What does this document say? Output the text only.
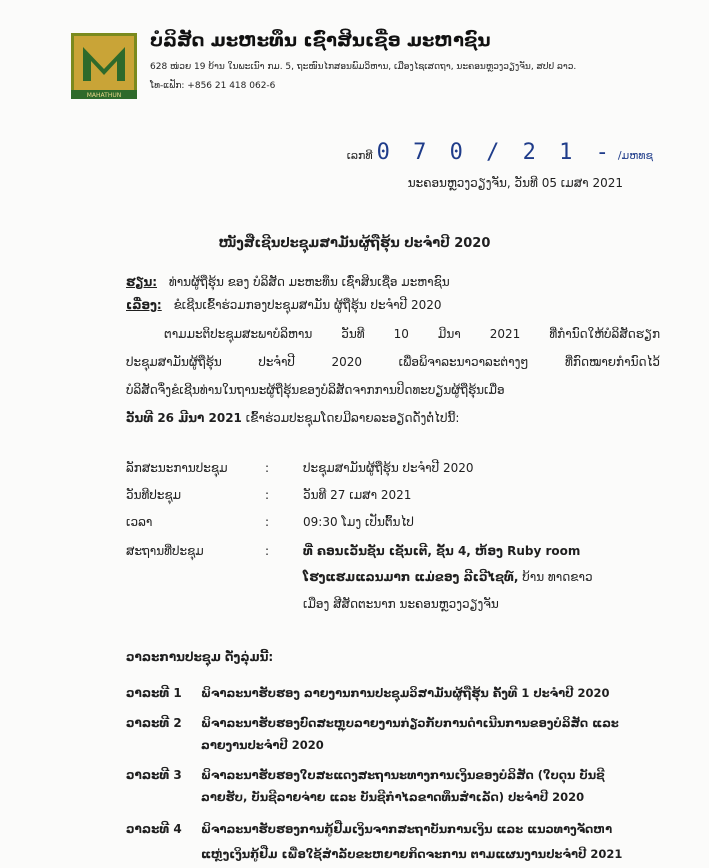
MAHATHUN
ບໍລິສັດ ມະຫະທຶນ ເຊົ່າສິນເຊື່ອ ມະຫາຊົນ
628 ໜ່ວຍ 19 ບ້ານ ໃນພະເນົາ ກມ. 5, ຖະໜົນໄກສອນພົມວິຫານ, ເມືອງໄຊເສດຖາ, ນະຄອນຫຼວງວຽງຈັນ, ສປປ ລາວ.
ໂທ-ແຟັກ: +856 21 418 062-6
ເລກທີ 0 7 0 / 2 1 - /ມຫທຊ
ນະຄອນຫຼວງວຽງຈັນ, ວັນທີ 05 ເມສາ 2021
ໜັງສືເຊີນປະຊຸມສາມັນຜູ້ຖືຮຸ້ນ ປະຈຳປີ 2020
ຮຽນ: ທ່ານຜູ້ຖືຮຸ້ນ ຂອງ ບໍລິສັດ ມະຫະທຶນ ເຊົ່າສິນເຊື່ອ ມະຫາຊົນ
ເລື່ອງ: ຂໍເຊີນເຂົ້າຮ່ວມກອງປະຊຸມສາມັນ ຜູ້ຖືຮຸ້ນ ປະຈຳປີ 2020
ຕາມມະຕິປະຊຸມສະພາບໍລິຫານ ວັນທີ 10 ມີນາ 2021 ທີ່ກຳນົດໃຫ້ບໍລິສັດຮຽກ
ປະຊຸມສາມັນຜູ້ຖືຮຸ້ນ ປະຈຳປີ 2020 ເພື່ອພິຈາລະນາວາລະຕ່າງໆ ທີ່ກົດໝາຍກຳນົດໄວ້
ບໍລິສັດຈຶ່ງຂໍເຊີນທ່ານໃນຖານະຜູ້ຖືຮຸ້ນຂອງບໍລິສັດຈາກການປິດທະບຽນຜູ້ຖືຮຸ້ນເມື່ອ
ວັນທີ 26 ມີນາ 2021 ເຂົ້າຮ່ວມປະຊຸມໂດຍມີລາຍລະອຽດດັ່ງຕໍ່ໄປນີ້:
ລັກສະນະການປະຊຸມ	:	ປະຊຸມສາມັນຜູ້ຖືຮຸ້ນ ປະຈຳປີ 2020
ວັນທີປະຊຸມ	:	ວັນທີ 27 ເມສາ 2021
ເວລາ	:	09:30 ໂມງ ເປັນຕົ້ນໄປ
ສະຖານທີ່ປະຊຸມ	:	ທີ່ ຄອນເວັນຊັນ ເຊັນເຕີ, ຊັ້ນ 4, ຫ້ອງ Ruby room
ໂຮງແຮມແລນມາກ ແມ່ຂອງ ລີເວີໄຊທ໌, ບ້ານ ທາດຂາວ
ເມືອງ ສີສັດຕະນາກ ນະຄອນຫຼວງວຽງຈັນ
ວາລະການປະຊຸມ ດັ່ງລຸ່ມນີ້:
ວາລະທີ 1 ພິຈາລະນາຮັບຮອງ ລາຍງານການປະຊຸມວິສາມັນຜູ້ຖືຮຸ້ນ ຄັ້ງທີ 1 ປະຈຳປີ 2020
ວາລະທີ 2 ພິຈາລະນາຮັບຮອງບົດສະຫຼຸບລາຍງານກ່ຽວກັບການດຳເນີນການຂອງບໍລິສັດ ແລະ
ລາຍງານປະຈຳປີ 2020
ວາລະທີ 3 ພິຈາລະນາຮັບຮອງໃບສະແດງສະຖານະທາງການເງິນຂອງບໍລິສັດ (ໃບດຸນ ບັນຊີ
ລາຍຮັບ, ບັນຊີລາຍຈ່າຍ ແລະ ບັນຊີກຳໄລຂາດທຶນສຳເລັດ) ປະຈຳປີ 2020
ວາລະທີ 4 ພິຈາລະນາຮັບຮອງການກູ້ຢືມເງິນຈາກສະຖາບັນການເງິນ ແລະ ແນວທາງຈັດຫາ
ແຫຼ່ງເງິນກູ້ຢືມ ເພື່ອໃຊ້ສຳລັບຂະຫຍາຍກິດຈະການ ຕາມແຜນງານປະຈຳປີ 2021
